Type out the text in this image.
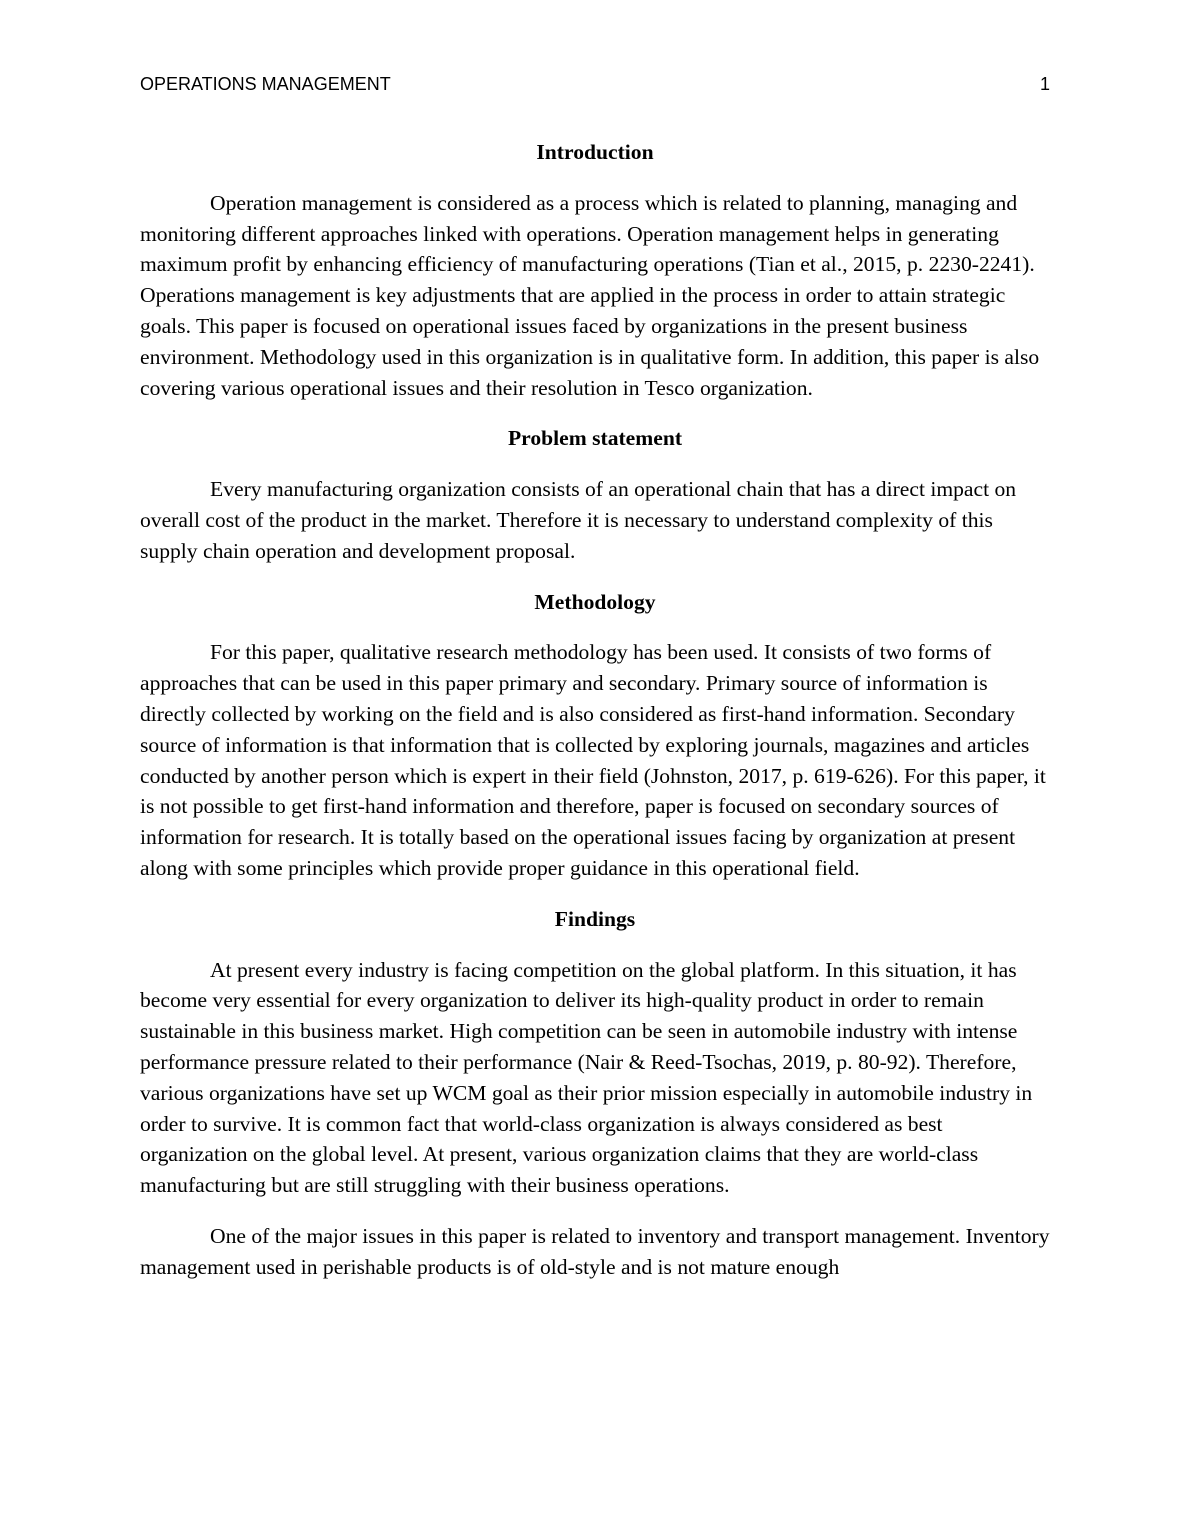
OPERATIONS MANAGEMENT	1
Introduction

Operation management is considered as a process which is related to planning, managing and monitoring different approaches linked with operations. Operation management helps in generating maximum profit by enhancing efficiency of manufacturing operations (Tian et al., 2015, p. 2230-2241). Operations management is key adjustments that are applied in the process in order to attain strategic goals. This paper is focused on operational issues faced by organizations in the present business environment. Methodology used in this organization is in qualitative form. In addition, this paper is also covering various operational issues and their resolution in Tesco organization.

Problem statement

Every manufacturing organization consists of an operational chain that has a direct impact on overall cost of the product in the market. Therefore it is necessary to understand complexity of this supply chain operation and development proposal.

Methodology

For this paper, qualitative research methodology has been used. It consists of two forms of approaches that can be used in this paper primary and secondary. Primary source of information is directly collected by working on the field and is also considered as first-hand information. Secondary source of information is that information that is collected by exploring journals, magazines and articles conducted by another person which is expert in their field (Johnston, 2017, p. 619-626). For this paper, it is not possible to get first-hand information and therefore, paper is focused on secondary sources of information for research. It is totally based on the operational issues facing by organization at present along with some principles which provide proper guidance in this operational field.

Findings

At present every industry is facing competition on the global platform. In this situation, it has become very essential for every organization to deliver its high-quality product in order to remain sustainable in this business market. High competition can be seen in automobile industry with intense performance pressure related to their performance (Nair & Reed-Tsochas, 2019, p. 80-92). Therefore, various organizations have set up WCM goal as their prior mission especially in automobile industry in order to survive. It is common fact that world-class organization is always considered as best organization on the global level. At present, various organization claims that they are world-class manufacturing but are still struggling with their business operations.

One of the major issues in this paper is related to inventory and transport management. Inventory management used in perishable products is of old-style and is not mature enough
